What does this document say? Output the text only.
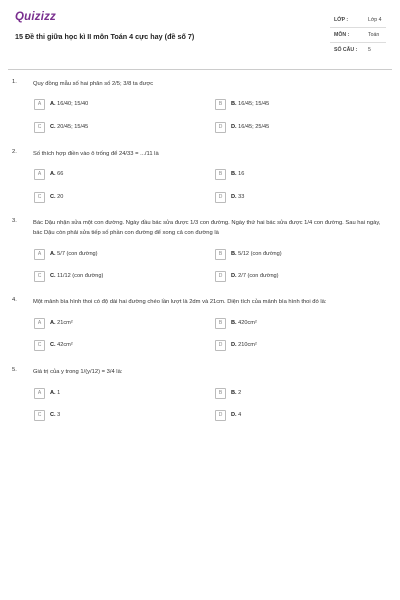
Quizizz
15 Đề thi giữa học kì II môn Toán 4 cực hay (đề số 7)
LỚP :	Lớp 4
MÔN :	Toán
SỐ CÂU : 5
1.	Quy đồng mẫu số hai phân số 2/5; 3/8 ta được
A	A. 16/40; 15/40	B	B. 16/45; 15/45
C	C. 20/45; 15/45	D	D. 16/45; 25/45
2.	Số thích hợp điền vào ô trống để 24/33 = .../11 là
A	A. 66	B	B. 16
C	C. 20	D	D. 33
3.	Bác Dậu nhận sửa một con đường. Ngày đầu bác sửa được 1/3 con đường. Ngày thứ hai bác sửa được 1/4 con đường. Sau hai ngày, bác Dậu còn phải sửa tiếp số phần con đường để xong cả con đường là
A	A. 5/7 (con đường)	B	B. 5/12 (con đường)
C	C. 11/12 (con đường)	D	D. 2/7 (con đường)
4.	Một mảnh bìa hình thoi có độ dài hai đường chéo lần lượt là 2dm và 21cm. Diện tích của mảnh bìa hình thoi đó là:
A	A. 21cm²	B	B. 420cm²
C	C. 42cm²	D	D. 210cm²
5.	Giá trị của y trong 1/(y/12) = 3/4 là:
A	A. 1	B	B. 2
C	C. 3	D	D. 4
